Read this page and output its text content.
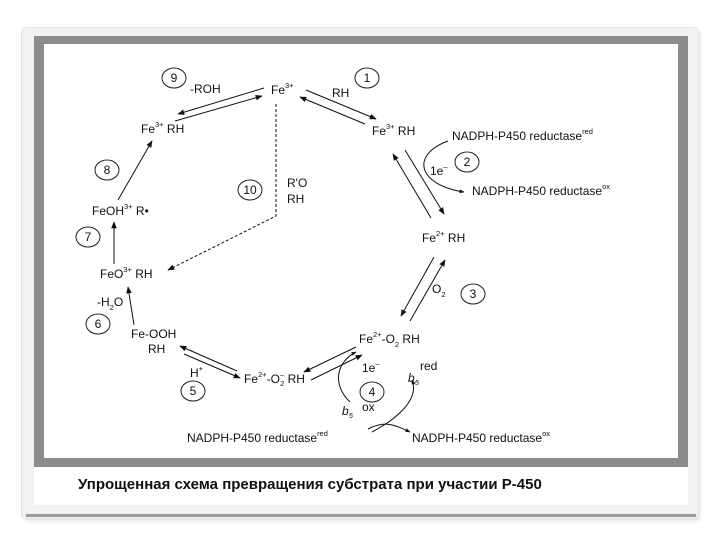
Упрощенная схема превращения субстрата при участии Р-450
9	1
2
8
10
7
3
6
5	4
$Fe^{3+}$
-ROH	RH
$Fe^{3+}$ RH
$Fe^{3+}$ RH	NADPH-P450 reductase$^{red}$
1e–
NADPH-P450 reductase$^{ox}$
R'O
RH
FeOH$^{3+}$ R•
$Fe^{2+}$ RH
FeO$^{3+}$ RH
$O_2$
$-H_2O$
Fe-OOH
RH
$Fe^{2+}-O_2$ RH
1e–	red
$b_5$
H+
$Fe^{2+}-O^-$ 2 RH
$b_5$
ox
NADPH-P450 reductase$^{red}$	NADPH-P450 reductase$^{ox}$
